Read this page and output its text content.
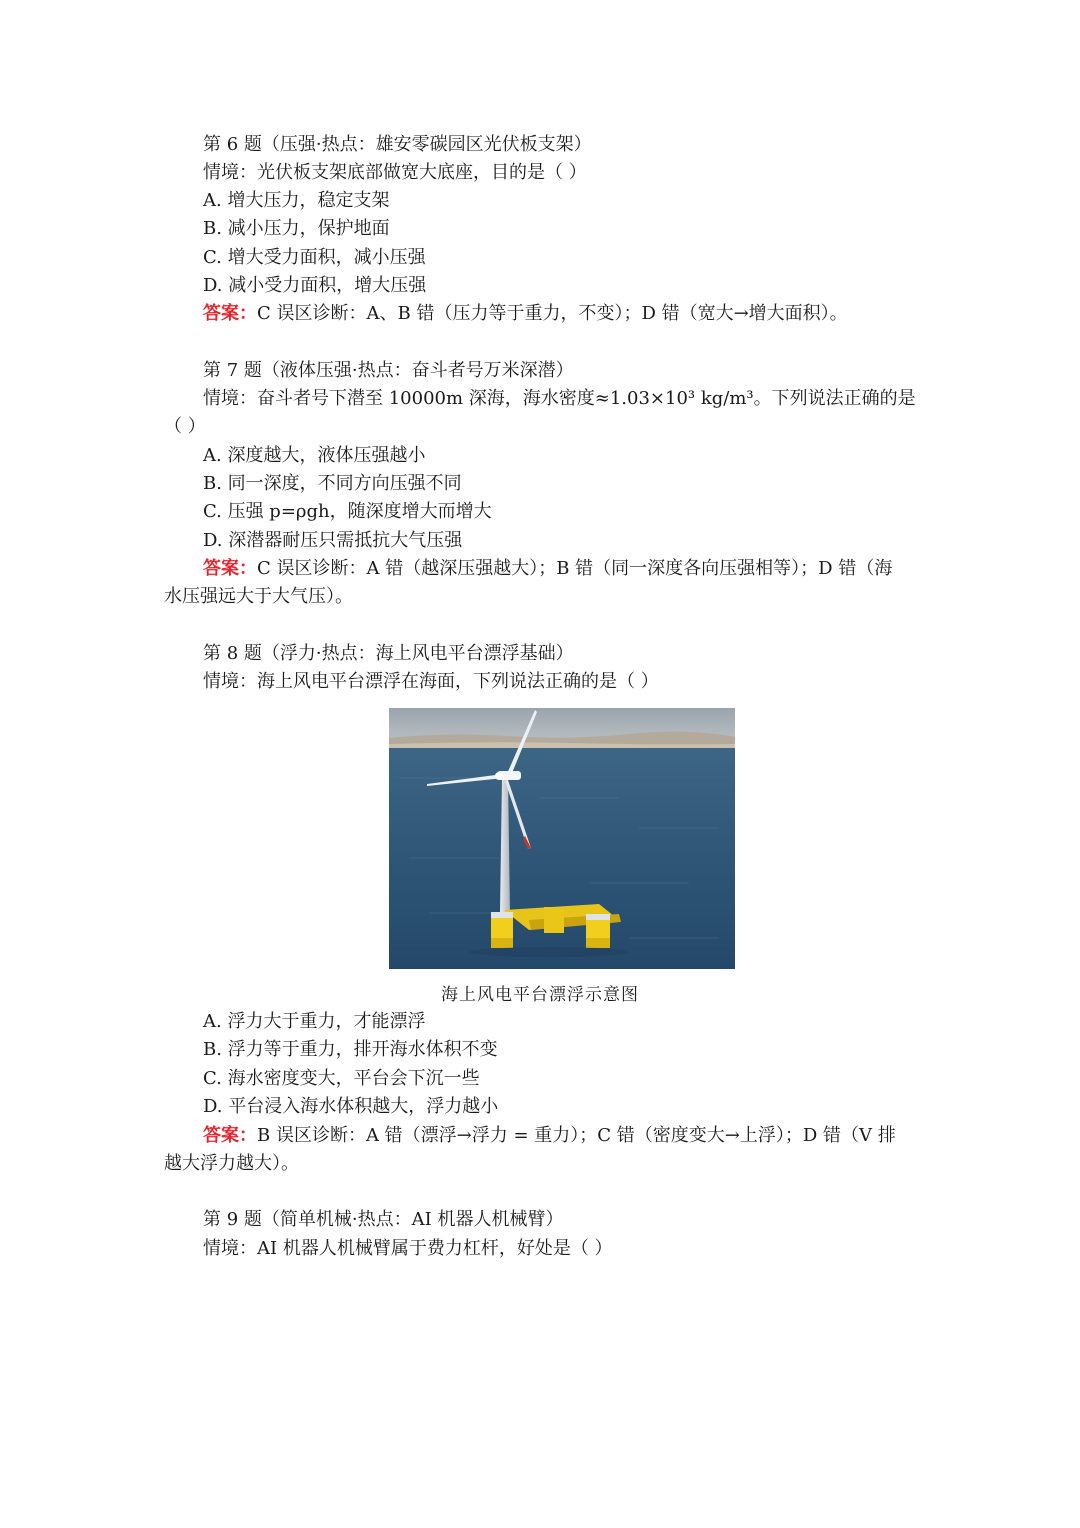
第 6 题（压强·热点：雄安零碳园区光伏板支架）
情境：光伏板支架底部做宽大底座，目的是（ ）
A. 增大压力，稳定支架
B. 减小压力，保护地面
C. 增大受力面积，减小压强
D. 减小受力面积，增大压强
答案：C 误区诊断：A、B 错（压力等于重力，不变）；D 错（宽大→增大面积）。
第 7 题（液体压强·热点：奋斗者号万米深潜）
情境：奋斗者号下潜至 10000m 深海，海水密度≈1.03×10³ kg/m³。下列说法正确的是
（ ）
A. 深度越大，液体压强越小
B. 同一深度，不同方向压强不同
C. 压强 p=ρgh，随深度增大而增大
D. 深潜器耐压只需抵抗大气压强
答案：C 误区诊断：A 错（越深压强越大）；B 错（同一深度各向压强相等）；D 错（海
水压强远大于大气压）。
第 8 题（浮力·热点：海上风电平台漂浮基础）
情境：海上风电平台漂浮在海面，下列说法正确的是（ ）
海上风电平台漂浮示意图
A. 浮力大于重力，才能漂浮
B. 浮力等于重力，排开海水体积不变
C. 海水密度变大，平台会下沉一些
D. 平台浸入海水体积越大，浮力越小
答案：B 误区诊断：A 错（漂浮→浮力 = 重力）；C 错（密度变大→上浮）；D 错（V 排
越大浮力越大）。
第 9 题（简单机械·热点：AI 机器人机械臂）
情境：AI 机器人机械臂属于费力杠杆，好处是（ ）
